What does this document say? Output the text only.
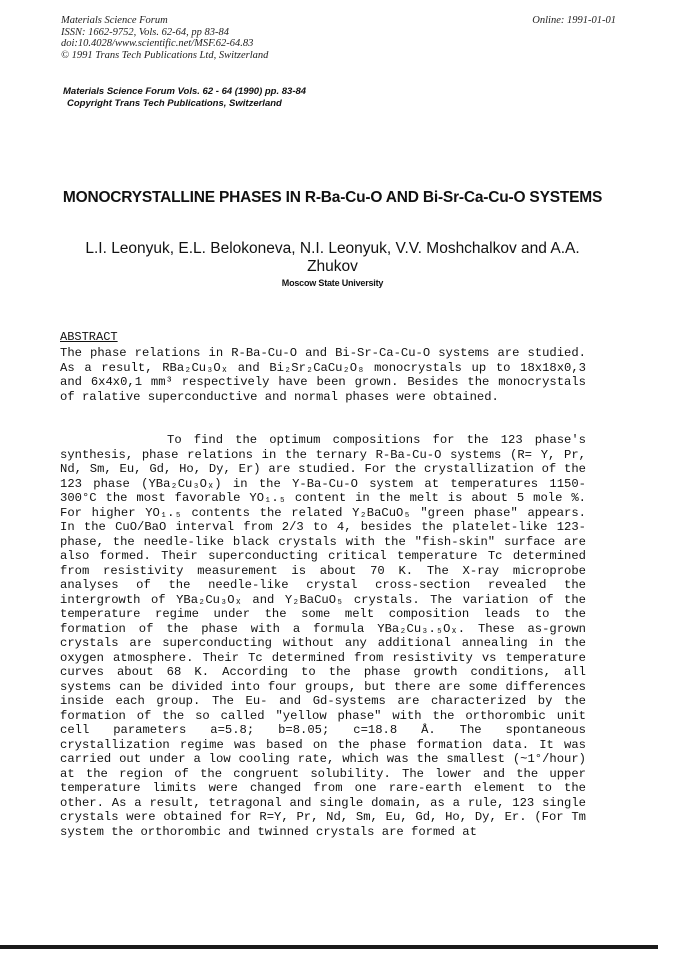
Materials Science Forum
ISSN: 1662-9752, Vols. 62-64, pp 83-84
doi:10.4028/www.scientific.net/MSF.62-64.83
© 1991 Trans Tech Publications Ltd, Switzerland
Online: 1991-01-01
Materials Science Forum Vols. 62 - 64 (1990) pp. 83-84
Copyright Trans Tech Publications, Switzerland
MONOCRYSTALLINE PHASES IN R-Ba-Cu-O AND Bi-Sr-Ca-Cu-O SYSTEMS
L.I. Leonyuk, E.L. Belokoneva, N.I. Leonyuk, V.V. Moshchalkov and A.A. Zhukov
Moscow State University
ABSTRACT
The phase relations in R-Ba-Cu-O and Bi-Sr-Ca-Cu-O systems are studied. As a result, RBa₂Cu₃Oₓ and Bi₂Sr₂CaCu₂O₈ monocrystals up to 18x18x0,3 and 6x4x0,1 mm³ respectively have been grown. Besides the monocrystals of ralative superconductive and normal phases were obtained.
To find the optimum compositions for the 123 phase's synthesis, phase relations in the ternary R-Ba-Cu-O systems (R= Y, Pr, Nd, Sm, Eu, Gd, Ho, Dy, Er) are studied. For the crystallization of the 123 phase (YBa₂Cu₃Oₓ) in the Y-Ba-Cu-O system at temperatures 1150-300°C the most favorable YO₁.₅ content in the melt is about 5 mole %. For higher YO₁.₅ contents the related Y₂BaCuO₅ "green phase" appears. In the CuO/BaO interval from 2/3 to 4, besides the platelet-like 123-phase, the needle-like black crystals with the "fish-skin" surface are also formed. Their superconducting critical temperature Tc determined from resistivity measurement is about 70 K. The X-ray microprobe analyses of the needle-like crystal cross-section revealed the intergrowth of YBa₂Cu₃Oₓ and Y₂BaCuO₅ crystals. The variation of the temperature regime under the some melt composition leads to the formation of the phase with a formula YBa₂Cu₃.₅Oₓ. These as-grown crystals are superconducting without any additional annealing in the oxygen atmosphere. Their Tc determined from resistivity vs temperature curves about 68 K. According to the phase growth conditions, all systems can be divided into four groups, but there are some differences inside each group. The Eu- and Gd-systems are characterized by the formation of the so called "yellow phase" with the orthorombic unit cell parameters a=5.8; b=8.05; c=18.8 Å. The spontaneous crystallization regime was based on the phase formation data. It was carried out under a low cooling rate, which was the smallest (~1°/hour) at the region of the congruent solubility. The lower and the upper temperature limits were changed from one rare-earth element to the other. As a result, tetragonal and single domain, as a rule, 123 single crystals were obtained for R=Y, Pr, Nd, Sm, Eu, Gd, Ho, Dy, Er. (For Tm system the orthorombic and twinned crystals are formed at
